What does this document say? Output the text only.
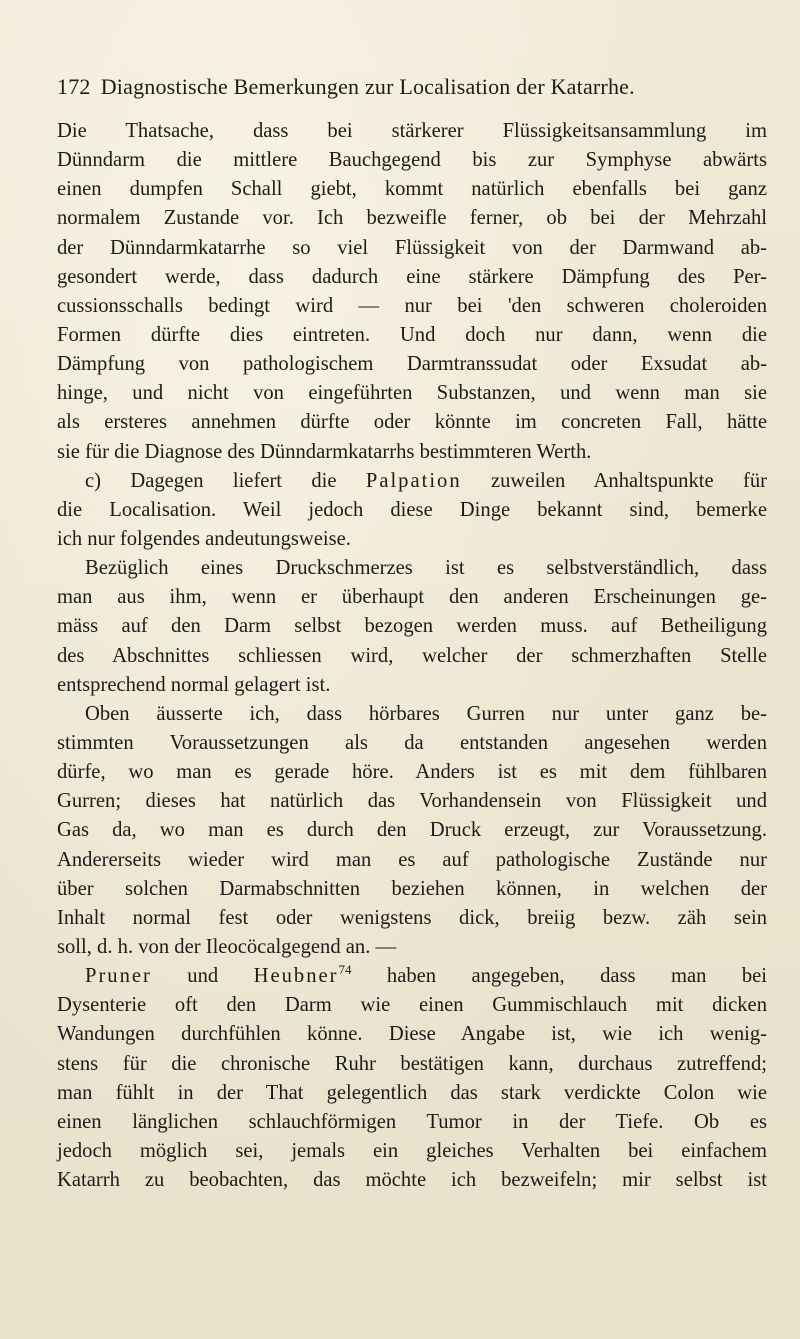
172 Diagnostische Bemerkungen zur Localisation der Katarrhe.
Die Thatsache, dass bei stärkerer Flüssigkeitsansammlung im
Dünndarm die mittlere Bauchgegend bis zur Symphyse abwärts
einen dumpfen Schall giebt, kommt natürlich ebenfalls bei ganz
normalem Zustande vor. Ich bezweifle ferner, ob bei der Mehrzahl
der Dünndarmkatarrhe so viel Flüssigkeit von der Darmwand ab-
gesondert werde, dass dadurch eine stärkere Dämpfung des Per-
cussionsschalls bedingt wird — nur bei 'den schweren choleroiden
Formen dürfte dies eintreten. Und doch nur dann, wenn die
Dämpfung von pathologischem Darmtranssudat oder Exsudat ab-
hinge, und nicht von eingeführten Substanzen, und wenn man sie
als ersteres annehmen dürfte oder könnte im concreten Fall, hätte
sie für die Diagnose des Dünndarmkatarrhs bestimmteren Werth.
c) Dagegen liefert die Palpation zuweilen Anhaltspunkte für
die Localisation. Weil jedoch diese Dinge bekannt sind, bemerke
ich nur folgendes andeutungsweise.
Bezüglich eines Druckschmerzes ist es selbstverständlich, dass
man aus ihm, wenn er überhaupt den anderen Erscheinungen ge-
mäss auf den Darm selbst bezogen werden muss. auf Betheiligung
des Abschnittes schliessen wird, welcher der schmerzhaften Stelle
entsprechend normal gelagert ist.
Oben äusserte ich, dass hörbares Gurren nur unter ganz be-
stimmten Voraussetzungen als da entstanden angesehen werden
dürfe, wo man es gerade höre. Anders ist es mit dem fühlbaren
Gurren; dieses hat natürlich das Vorhandensein von Flüssigkeit und
Gas da, wo man es durch den Druck erzeugt, zur Voraussetzung.
Andererseits wieder wird man es auf pathologische Zustände nur
über solchen Darmabschnitten beziehen können, in welchen der
Inhalt normal fest oder wenigstens dick, breiig bezw. zäh sein
soll, d. h. von der Ileocöcalgegend an. —
Pruner und Heubner$^{74}$ haben angegeben, dass man bei
Dysenterie oft den Darm wie einen Gummischlauch mit dicken
Wandungen durchfühlen könne. Diese Angabe ist, wie ich wenig-
stens für die chronische Ruhr bestätigen kann, durchaus zutreffend;
man fühlt in der That gelegentlich das stark verdickte Colon wie
einen länglichen schlauchförmigen Tumor in der Tiefe. Ob es
jedoch möglich sei, jemals ein gleiches Verhalten bei einfachem
Katarrh zu beobachten, das möchte ich bezweifeln; mir selbst ist
